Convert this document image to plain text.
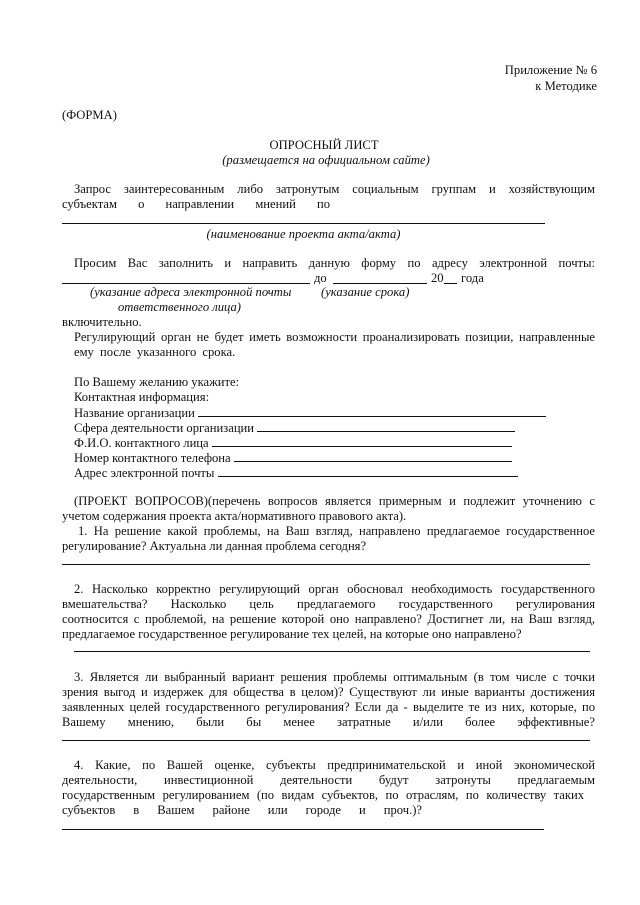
Приложение № 6
к Методике
(ФОРМА)
ОПРОСНЫЙ ЛИСТ
(размещается на официальном сайте)
Запрос заинтересованным либо затронутым социальным группам и хозяйствующим
субъектам о направлении мнений по
(наименование проекта акта/акта)
Просим Вас заполнить и направить данную форму по адресу электронной почты:
до	20 года
(указание адреса электронной почты (указание срока)
ответственного лица)
включительно.
Регулирующий орган не будет иметь возможности проанализировать позиции, направленные
ему после указанного срока.
По Вашему желанию укажите:
Контактная информация:
Название организации
Сфера деятельности организации
Ф.И.О. контактного лица
Номер контактного телефона
Адрес электронной почты
(ПРОЕКТ ВОПРОСОВ)(перечень вопросов является примерным и подлежит уточнению с
учетом содержания проекта акта/нормативного правового акта).
1. На решение какой проблемы, на Ваш взгляд, направлено предлагаемое государственное
регулирование? Актуальна ли данная проблема сегодня?
2. Насколько корректно регулирующий орган обосновал необходимость государственного
вмешательства? Насколько цель предлагаемого государственного регулирования
соотносится с проблемой, на решение которой оно направлено? Достигнет ли, на Ваш взгляд,
предлагаемое государственное регулирование тех целей, на которые оно направлено?
3. Является ли выбранный вариант решения проблемы оптимальным (в том числе с точки
зрения выгод и издержек для общества в целом)? Существуют ли иные варианты достижения
заявленных целей государственного регулирования? Если да - выделите те из них, которые, по
Вашему мнению, были бы менее затратные и/или более эффективные?
4. Какие, по Вашей оценке, субъекты предпринимательской и иной экономической
деятельности, инвестиционной деятельности будут затронуты предлагаемым
государственным регулированием (по видам субъектов, по отраслям, по количеству таких
субъектов в Вашем районе или городе и проч.)?
